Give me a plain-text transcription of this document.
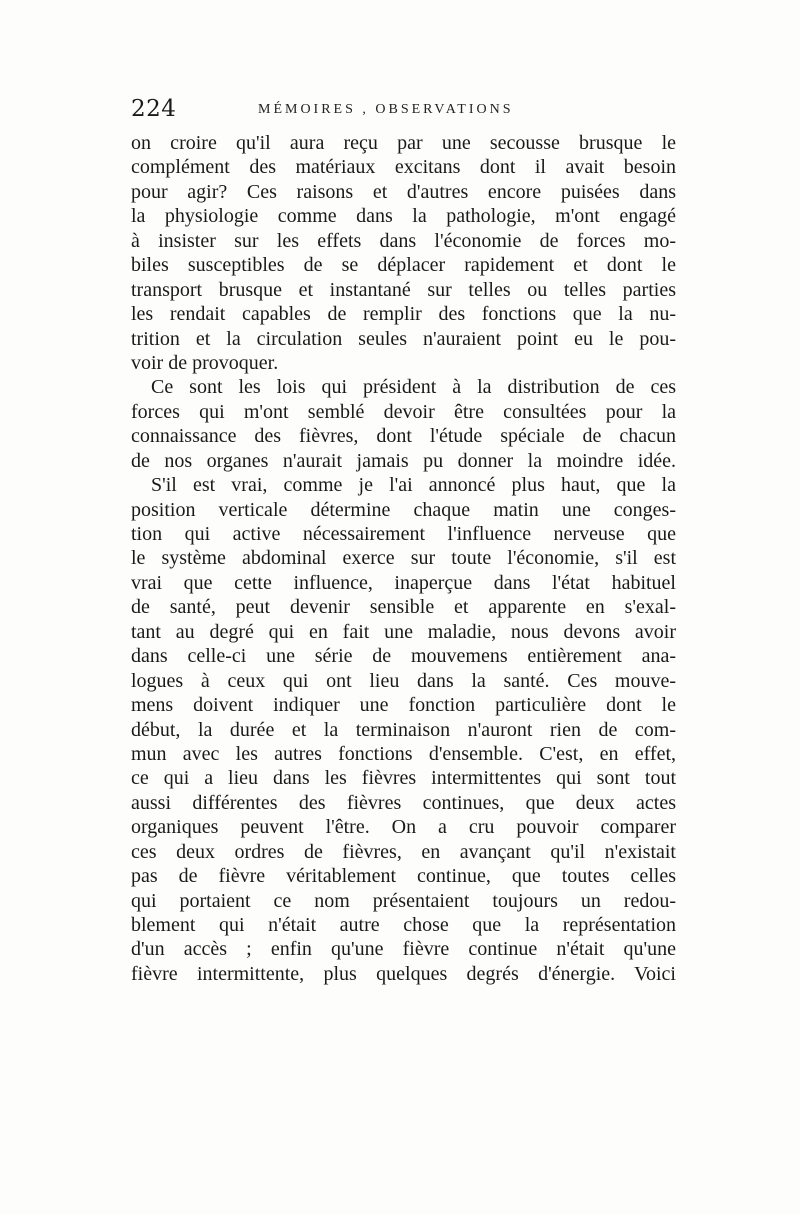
224	MÉMOIRES , OBSERVATIONS
on croire qu'il aura reçu par une secousse brusque le
complément des matériaux excitans dont il avait besoin
pour agir? Ces raisons et d'autres encore puisées dans
la physiologie comme dans la pathologie, m'ont engagé
à insister sur les effets dans l'économie de forces mo-
biles susceptibles de se déplacer rapidement et dont le
transport brusque et instantané sur telles ou telles parties
les rendait capables de remplir des fonctions que la nu-
trition et la circulation seules n'auraient point eu le pou-
voir de provoquer.
Ce sont les lois qui président à la distribution de ces
forces qui m'ont semblé devoir être consultées pour la
connaissance des fièvres, dont l'étude spéciale de chacun
de nos organes n'aurait jamais pu donner la moindre idée.
S'il est vrai, comme je l'ai annoncé plus haut, que la
position verticale détermine chaque matin une conges-
tion qui active nécessairement l'influence nerveuse que
le système abdominal exerce sur toute l'économie, s'il est
vrai que cette influence, inaperçue dans l'état habituel
de santé, peut devenir sensible et apparente en s'exal-
tant au degré qui en fait une maladie, nous devons avoir
dans celle-ci une série de mouvemens entièrement ana-
logues à ceux qui ont lieu dans la santé. Ces mouve-
mens doivent indiquer une fonction particulière dont le
début, la durée et la terminaison n'auront rien de com-
mun avec les autres fonctions d'ensemble. C'est, en effet,
ce qui a lieu dans les fièvres intermittentes qui sont tout
aussi différentes des fièvres continues, que deux actes
organiques peuvent l'être. On a cru pouvoir comparer
ces deux ordres de fièvres, en avançant qu'il n'existait
pas de fièvre véritablement continue, que toutes celles
qui portaient ce nom présentaient toujours un redou-
blement qui n'était autre chose que la représentation
d'un accès ; enfin qu'une fièvre continue n'était qu'une
fièvre intermittente, plus quelques degrés d'énergie. Voici
